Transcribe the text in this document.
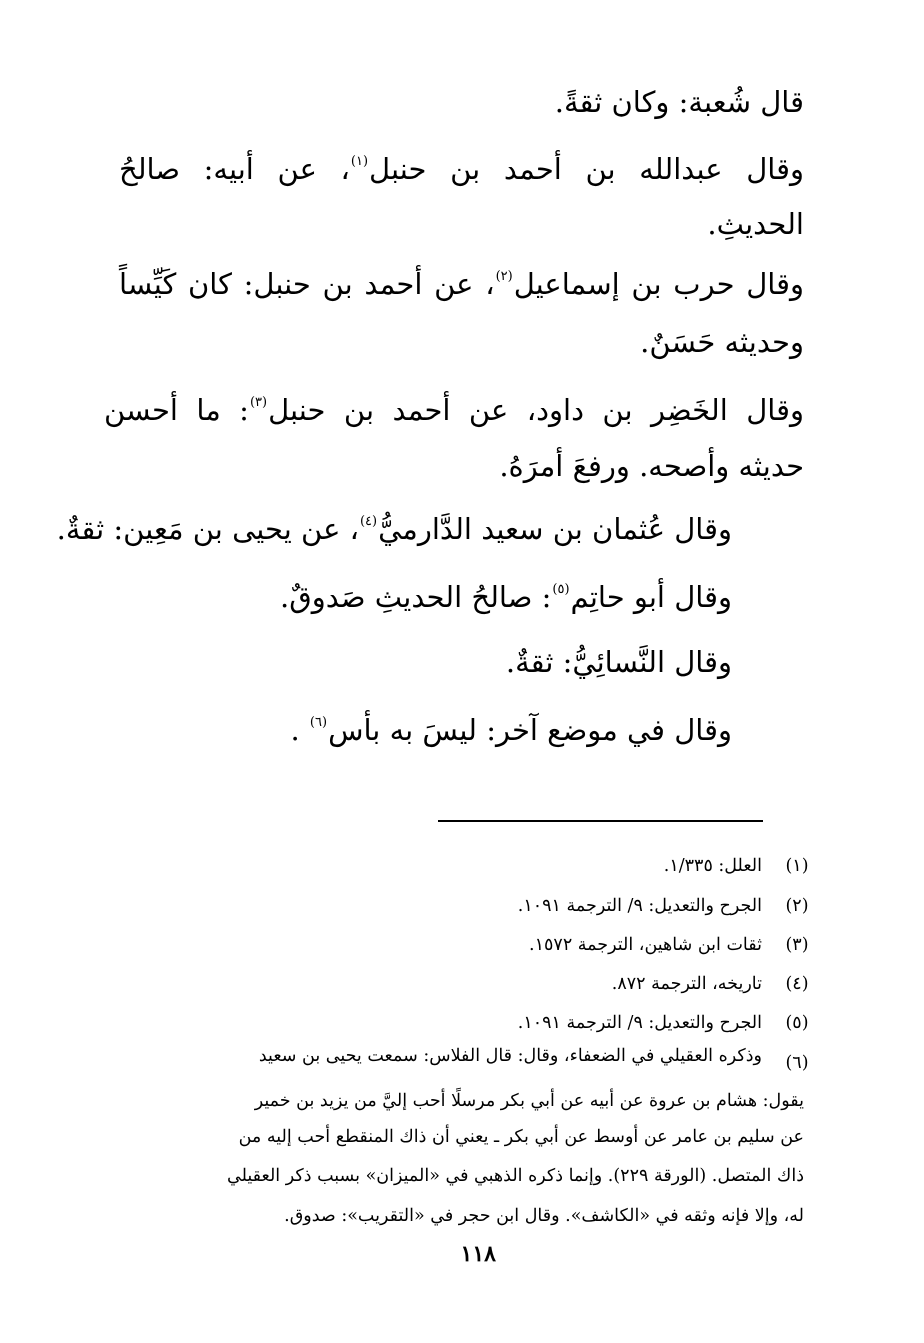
قال شُعبة: وكان ثقةً.
وقال عبدالله بن أحمد بن حنبل$^{(١)}$، عن أبيه: صالحُ
الحديثِ.
وقال حرب بن إسماعيل$^{(٢)}$، عن أحمد بن حنبل: كان كَيِّساً
وحديثه حَسَنٌ.
وقال الخَضِر بن داود، عن أحمد بن حنبل$^{(٣)}$: ما أحسن
حديثه وأصحه. ورفعَ أمرَهُ.
وقال عُثمان بن سعيد الدَّارميُّ$^{(٤)}$، عن يحيى بن مَعِين: ثقةٌ.
وقال أبو حاتِم$^{(٥)}$: صالحُ الحديثِ صَدوقٌ.
وقال النَّسائِيُّ: ثقةٌ.
وقال في موضع آخر: ليسَ به بأس$^{(٦)}$ .
(١)
العلل: ١/٣٣٥.
(٢)
الجرح والتعديل: ٩/ الترجمة ١٠٩١.
(٣)
ثقات ابن شاهين، الترجمة ١٥٧٢.
(٤)
تاريخه، الترجمة ٨٧٢.
(٥)
الجرح والتعديل: ٩/ الترجمة ١٠٩١.
(٦)
وذكره العقيلي في الضعفاء، وقال: قال الفلاس: سمعت يحيى بن سعيد
يقول: هشام بن عروة عن أبيه عن أبي بكر مرسلًا أحب إليَّ من يزيد بن خمير
عن سليم بن عامر عن أوسط عن أبي بكر ـ يعني أن ذاك المنقطع أحب إليه من
ذاك المتصل. (الورقة ٢٢٩). وإنما ذكره الذهبي في «الميزان» بسبب ذكر العقيلي
له، وإلا فإنه وثقه في «الكاشف». وقال ابن حجر في «التقريب»: صدوق.
١١٨
